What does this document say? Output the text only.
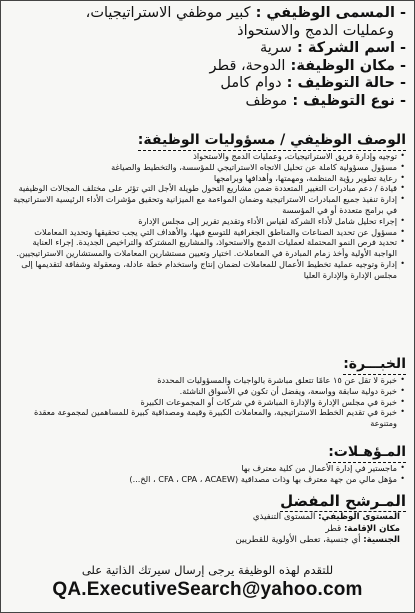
- المسمى الوظيفي : كبير موظفي الاستراتيجيات،

وعمليات الدمج والاستحواذ

- اسم الشركة : سرية

- مكان الوظيفة: الدوحة، قطر

- حالة التوظيف : دوام كامل

- نوع التوظيف : موظف

الوصف الوظيفي / مسؤوليات الوظيفة:
• توجيه وإدارة فريق الاستراتيجيات، وعمليات الدمج والاستحواذ
• مسؤول مسؤولية كاملة عن تحليل الاتجاه الاستراتيجي للمؤسسة، والتخطيط والصياغة
• رعاية تطوير رؤية المنظمة، ومهمتها، وأهدافها وبرامجها
• قيادة / دعم مبادرات التغيير المتعددة ضمن مشاريع التحول طويلة الأجل التي تؤثر على مختلف المجالات الوظيفية
• إدارة تنفيذ جميع المبادرات الاستراتيجية وضمان المواءمة مع الميزانية وتحقيق مؤشرات الأداء الرئيسية الاستراتيجية في برامج متعددة أو في المؤسسة
• إجراء تحليل شامل لأداء الشركة لقياس الأداء وتقديم تقرير إلى مجلس الإدارة
• مسؤول عن تحديد الصناعات والمناطق الجغرافية للتوسع فيها، والأهداف التي يجب تحقيقها وتحديد المعاملات
• تحديد فرص النمو المحتملة لعمليات الدمج والاستحواذ، والمشاريع المشتركة والتراخيص الجديدة. إجراء العناية الواجبة الأولية وأخذ زمام المبادرة في المعاملات. اختيار وتعيين مستشارين المعاملات والمستشارين الاستراتيجيين.
• إدارة وتوجيه عملية تخطيط الأعمال للمعاملات لضمان إنتاج واستخدام خطة عادلة، ومعقولة وشفافة لتقديمها إلى مجلس الإدارة والإدارة العليا
الخبـــرة:
• خبرة لا تقل عن ١٥ عامًا تتعلق مباشرة بالواجبات والمسؤوليات المحددة
• خبرة دولية سابقة وواسعة، ويفضل أن تكون في الأسواق الناشئة.
• خبرة في مجلس الإدارة والإدارة المباشرة في شركات أو المجموعات الكبيرة
• خبرة في تقديم الخطط الاستراتيجية، والمعاملات الكبيرة وقيمة ومصداقية كبيرة للمساهمين لمجموعة معقدة ومتنوعة
المـؤهـلات:
• ماجستير في إدارة الأعمال من كلية معترف بها
• مؤهل مالي من جهة معترف بها وذات مصداقية (CFA ، CPA ، ACAEW ، الخ...)
المـرشح المفضل

المستوى الوظيفي: المستوى التنفيذي

مكان الإقامة: قطر

الجنسية: أي جنسية، تعطى الأولوية للقطريين

للتقدم لهذه الوظيفة يرجى إرسال سيرتك الذاتية على
QA.ExecutiveSearch@yahoo.com
